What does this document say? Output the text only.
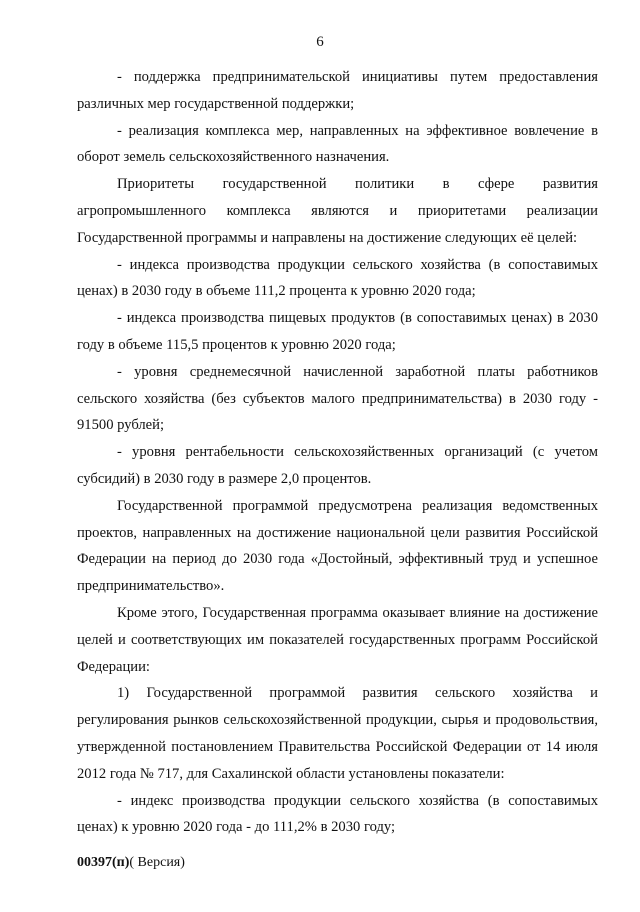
6

- поддержка предпринимательской инициативы путем предоставления различных мер государственной поддержки;

- реализация комплекса мер, направленных на эффективное вовлечение в оборот земель сельскохозяйственного назначения.

Приоритеты государственной политики в сфере развития агропромышленного комплекса являются и приоритетами реализации Государственной программы и направлены на достижение следующих её целей:

- индекса производства продукции сельского хозяйства (в сопоставимых ценах) в 2030 году в объеме 111,2 процента к уровню 2020 года;

- индекса производства пищевых продуктов (в сопоставимых ценах) в 2030 году в объеме 115,5 процентов к уровню 2020 года;

- уровня среднемесячной начисленной заработной платы работников сельского хозяйства (без субъектов малого предпринимательства) в 2030 году - 91500 рублей;

- уровня рентабельности сельскохозяйственных организаций (с учетом субсидий) в 2030 году в размере 2,0 процентов.

Государственной программой предусмотрена реализация ведомственных проектов, направленных на достижение национальной цели развития Российской Федерации на период до 2030 года «Достойный, эффективный труд и успешное предпринимательство».

Кроме этого, Государственная программа оказывает влияние на достижение целей и соответствующих им показателей государственных программ Российской Федерации:

1) Государственной программой развития сельского хозяйства и регулирования рынков сельскохозяйственной продукции, сырья и продовольствия, утвержденной постановлением Правительства Российской Федерации от 14 июля 2012 года № 717, для Сахалинской области установлены показатели:

- индекс производства продукции сельского хозяйства (в сопоставимых ценах) к уровню 2020 года - до 111,2% в 2030 году;

00397(п)( Версия)
